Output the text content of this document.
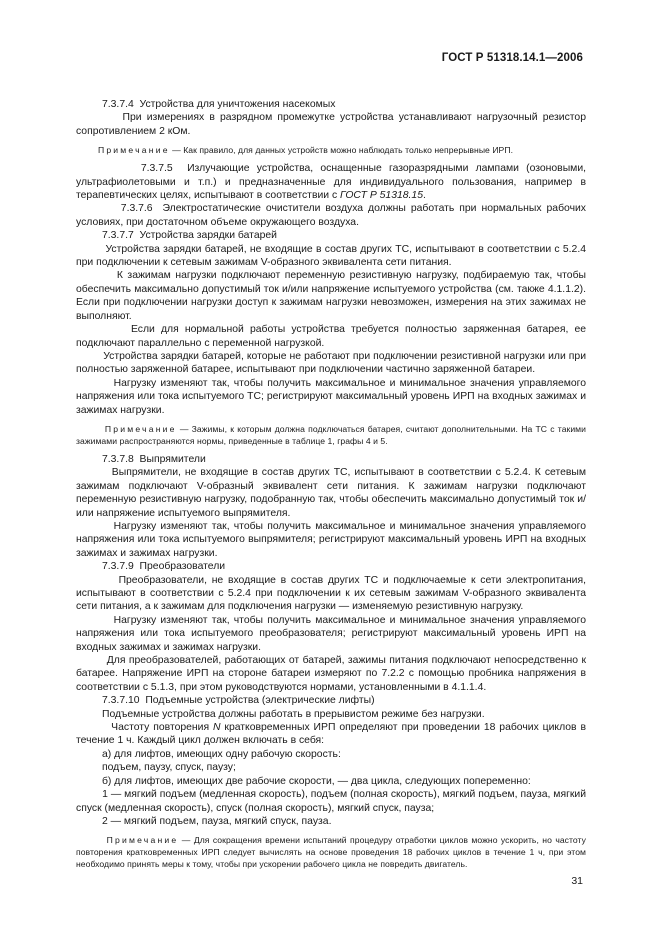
ГОСТ Р 51318.14.1—2006

7.3.7.4 Устройства для уничтожения насекомых

При измерениях в разрядном промежутке устройства устанавливают нагрузочный резистор сопротивлением 2 кОм.

Примечание — Как правило, для данных устройств можно наблюдать только непрерывные ИРП.

7.3.7.5 Излучающие устройства, оснащенные газоразрядными лампами (озоновыми, ультрафиолетовыми и т.п.) и предназначенные для индивидуального пользования, например в терапевтических целях, испытывают в соответствии с ГОСТ Р 51318.15.

7.3.7.6 Электростатические очистители воздуха должны работать при нормальных рабочих условиях, при достаточном объеме окружающего воздуха.

7.3.7.7 Устройства зарядки батарей

Устройства зарядки батарей, не входящие в состав других ТС, испытывают в соответствии с 5.2.4 при подключении к сетевым зажимам V-образного эквивалента сети питания.

К зажимам нагрузки подключают переменную резистивную нагрузку, подбираемую так, чтобы обеспечить максимально допустимый ток и/или напряжение испытуемого устройства (см. также 4.1.1.2). Если при подключении нагрузки доступ к зажимам нагрузки невозможен, измерения на этих зажимах не выполняют.

Если для нормальной работы устройства требуется полностью заряженная батарея, ее подключают параллельно с переменной нагрузкой.

Устройства зарядки батарей, которые не работают при подключении резистивной нагрузки или при полностью заряженной батарее, испытывают при подключении частично заряженной батареи.

Нагрузку изменяют так, чтобы получить максимальное и минимальное значения управляемого напряжения или тока испытуемого ТС; регистрируют максимальный уровень ИРП на входных зажимах и зажимах нагрузки.

Примечание — Зажимы, к которым должна подключаться батарея, считают дополнительными. На ТС с такими зажимами распространяются нормы, приведенные в таблице 1, графы 4 и 5.

7.3.7.8 Выпрямители

Выпрямители, не входящие в состав других ТС, испытывают в соответствии с 5.2.4. К сетевым зажимам подключают V-образный эквивалент сети питания. К зажимам нагрузки подключают переменную резистивную нагрузку, подобранную так, чтобы обеспечить максимально допустимый ток и/или напряжение испытуемого выпрямителя.

Нагрузку изменяют так, чтобы получить максимальное и минимальное значения управляемого напряжения или тока испытуемого выпрямителя; регистрируют максимальный уровень ИРП на входных зажимах и зажимах нагрузки.

7.3.7.9 Преобразователи

Преобразователи, не входящие в состав других ТС и подключаемые к сети электропитания, испытывают в соответствии с 5.2.4 при подключении к их сетевым зажимам V-образного эквивалента сети питания, а к зажимам для подключения нагрузки — изменяемую резистивную нагрузку.

Нагрузку изменяют так, чтобы получить максимальное и минимальное значения управляемого напряжения или тока испытуемого преобразователя; регистрируют максимальный уровень ИРП на входных зажимах и зажимах нагрузки.

Для преобразователей, работающих от батарей, зажимы питания подключают непосредственно к батарее. Напряжение ИРП на стороне батареи измеряют по 7.2.2 с помощью пробника напряжения в соответствии с 5.1.3, при этом руководствуются нормами, установленными в 4.1.1.4.

7.3.7.10 Подъемные устройства (электрические лифты)

Подъемные устройства должны работать в прерывистом режиме без нагрузки.

Частоту повторения N кратковременных ИРП определяют при проведении 18 рабочих циклов в течение 1 ч. Каждый цикл должен включать в себя:

а) для лифтов, имеющих одну рабочую скорость:

подъем, паузу, спуск, паузу;

б) для лифтов, имеющих две рабочие скорости, — два цикла, следующих попеременно:

1 — мягкий подъем (медленная скорость), подъем (полная скорость), мягкий подъем, пауза, мягкий спуск (медленная скорость), спуск (полная скорость), мягкий спуск, пауза;

2 — мягкий подъем, пауза, мягкий спуск, пауза.

Примечание — Для сокращения времени испытаний процедуру отработки циклов можно ускорить, но частоту повторения кратковременных ИРП следует вычислять на основе проведения 18 рабочих циклов в течение 1 ч, при этом необходимо принять меры к тому, чтобы при ускорении рабочего цикла не повредить двигатель.

31
